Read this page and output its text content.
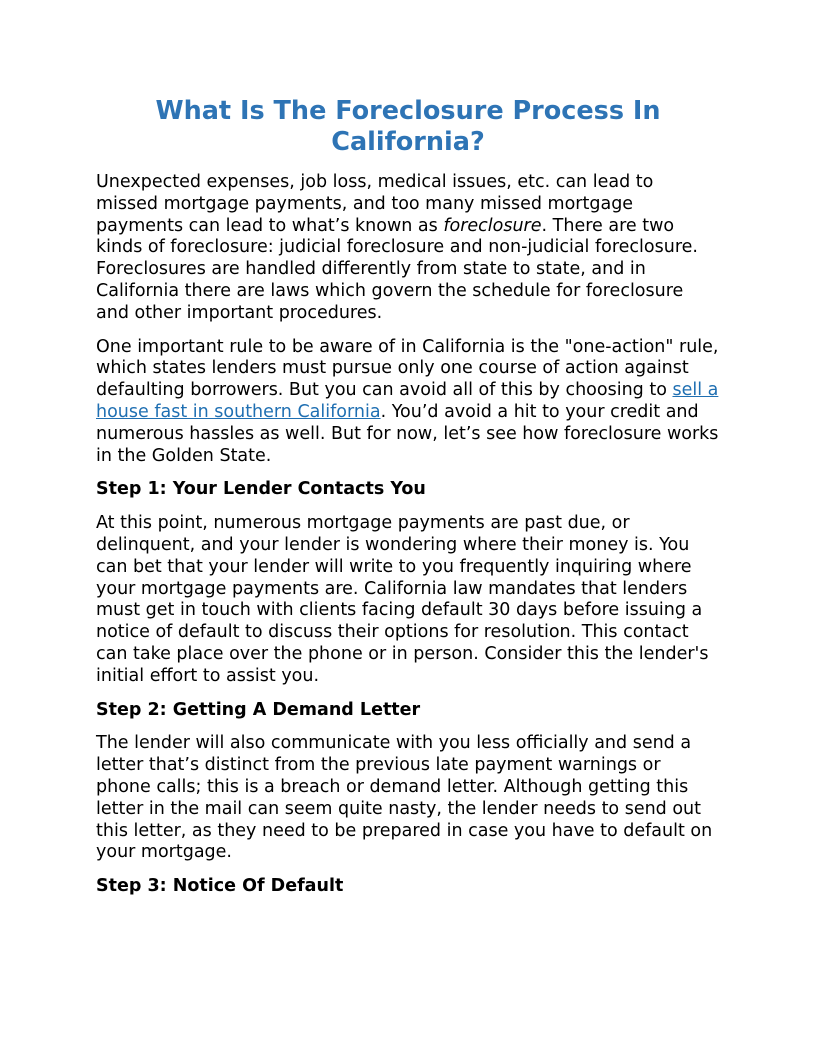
What Is The Foreclosure Process In California?

Unexpected expenses, job loss, medical issues, etc. can lead to missed mortgage payments, and too many missed mortgage payments can lead to what’s known as foreclosure. There are two kinds of foreclosure: judicial foreclosure and non-judicial foreclosure. Foreclosures are handled differently from state to state, and in California there are laws which govern the schedule for foreclosure and other important procedures.

One important rule to be aware of in California is the "one-action" rule, which states lenders must pursue only one course of action against defaulting borrowers. But you can avoid all of this by choosing to sell a house fast in southern California. You’d avoid a hit to your credit and numerous hassles as well. But for now, let’s see how foreclosure works in the Golden State.

Step 1: Your Lender Contacts You

At this point, numerous mortgage payments are past due, or delinquent, and your lender is wondering where their money is. You can bet that your lender will write to you frequently inquiring where your mortgage payments are. California law mandates that lenders must get in touch with clients facing default 30 days before issuing a notice of default to discuss their options for resolution. This contact can take place over the phone or in person. Consider this the lender's initial effort to assist you.

Step 2: Getting A Demand Letter

The lender will also communicate with you less officially and send a letter that’s distinct from the previous late payment warnings or phone calls; this is a breach or demand letter. Although getting this letter in the mail can seem quite nasty, the lender needs to send out this letter, as they need to be prepared in case you have to default on your mortgage.

Step 3: Notice Of Default
